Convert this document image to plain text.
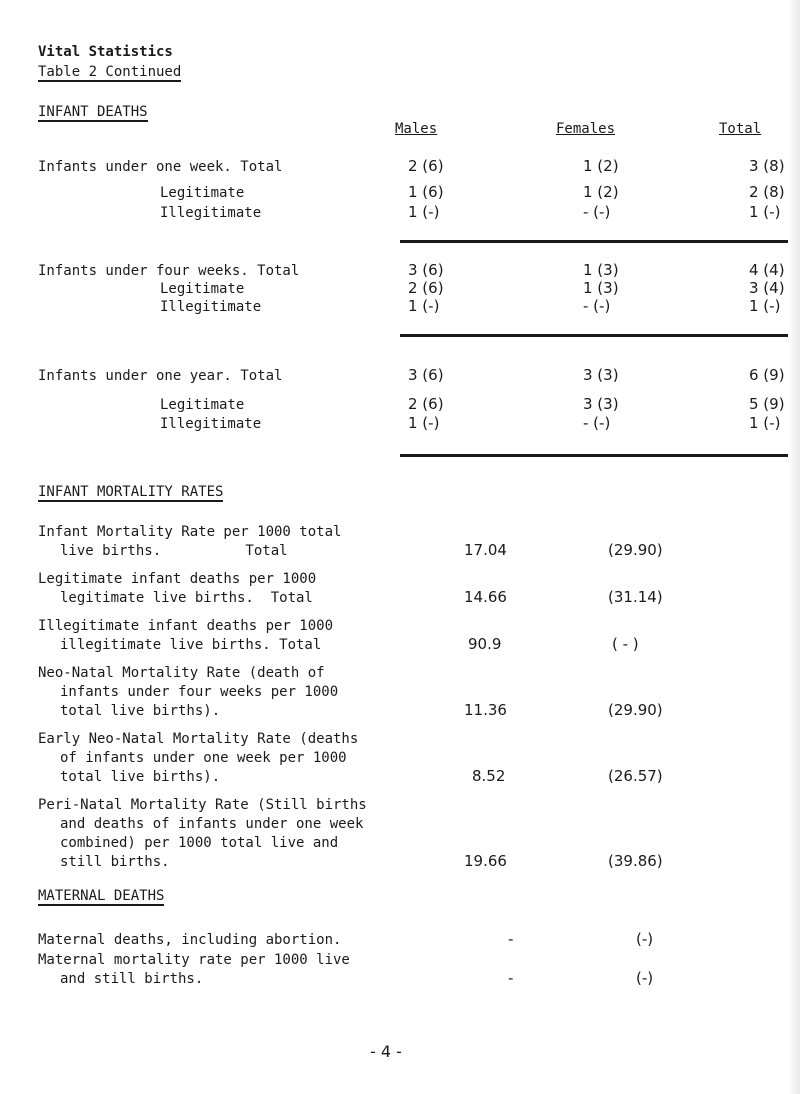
Vital Statistics
Table 2 Continued
INFANT DEATHS
Males	Females	Total
Infants under one week. Total	2 (6)	1 (2)	3 (8)
Legitimate	1 (6)	1 (2)	2 (8)
Illegitimate	1 (-)	- (-)	1 (-)
Infants under four weeks. Total	3 (6)	1 (3)	4 (4)
Legitimate	2 (6)	1 (3)	3 (4)
Illegitimate	1 (-)	- (-)	1 (-)
Infants under one year. Total	3 (6)	3 (3)	6 (9)
Legitimate	2 (6)	3 (3)	5 (9)
Illegitimate	1 (-)	- (-)	1 (-)
INFANT MORTALITY RATES
Infant Mortality Rate per 1000 total
live births.          Total	17.04	(29.90)
Legitimate infant deaths per 1000
legitimate live births.  Total	14.66	(31.14)
Illegitimate infant deaths per 1000
illegitimate live births. Total	90.9	( - )
Neo-Natal Mortality Rate (death of
infants under four weeks per 1000
total live births).	11.36	(29.90)
Early Neo-Natal Mortality Rate (deaths
of infants under one week per 1000
total live births).	8.52	(26.57)
Peri-Natal Mortality Rate (Still births
and deaths of infants under one week
combined) per 1000 total live and
still births.	19.66	(39.86)
MATERNAL DEATHS
Maternal deaths, including abortion.	-	(-)
Maternal mortality rate per 1000 live
and still births.	-	(-)
- 4 -
